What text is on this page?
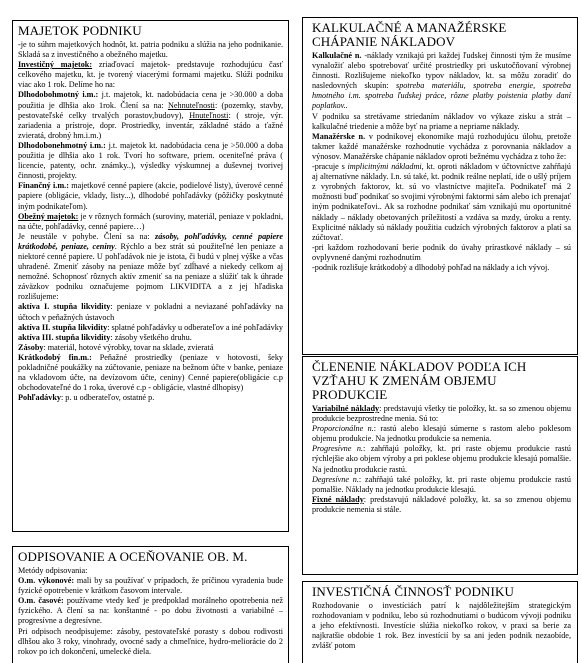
MAJETOK PODNIKU

-je to súhrn majetkových hodnôt, kt. patria podniku a slúžia na jeho podnikanie. Skladá sa z investičného a obežného majetku.

Investičný majetok: zriaďovací majetok- predstavuje rozhodujúcu časť celkového majetku, kt. je tvorený viacerými formami majetku. Slúži podniku viac ako 1 rok. Delíme ho na:

Dlhodobohmotný i.m.: j.t. majetok, kt. nadobúdacia cena je >30.000 a doba použitia je dlhšia ako 1rok. Člení sa na: Nehnuteľnosti: (pozemky, stavby, pestovateľské celky trvalých porastov,budovy), Hnuteľnosti: ( stroje, výr. zariadenia a prístroje, dopr. Prostriedky, inventár, základné stádo a ťažné zvieratá, drobný hm.i.m.)

Dlhodobonehmotný i.m.: j.t. majetok kt. nadobúdacia cena je >50.000 a doba použitia je dlhšia ako 1 rok. Tvorí ho software, priem. oceniteľné práva ( licencie, patenty, ochr. známky..), výsledky výskumnej a duševnej tvorivej činnosti, projekty.

Finančný i.m.: majetkové cenné papiere (akcie, podielové listy), úverové cenné papiere (obligácie, vklady, listy...), dlhodobé pohľadávky (pôžičky poskytnuté iným podnikateľom).

Obežný majetok: je v rôznych formách (suroviny, materiál, peniaze v pokladni, na účte, pohľadávky, cenné papiere…)

Je neustále v pohybe. Člení sa na: zásoby, pohľadávky, cenné papiere krátkodobé, peniaze, ceniny. Rýchlo a bez strát sú použiteľné len peniaze a niektoré cenné papiere. U pohľadávok nie je istota, či budú v plnej výške a včas uhradené. Zmeniť zásoby na peniaze môže byť zdĺhavé a niekedy celkom aj nemožné. Schopnosť rôznych aktív zmeniť sa na peniaze a slúžiť tak k úhrade záväzkov podniku označujeme pojmom LIKVIDITA a z jej hľadiska rozlišujeme:

aktíva I. stupňa likvidity: peniaze v pokladni a neviazané pohľadávky na účtoch v peňažných ústavoch

aktíva II. stupňa likvidity: splatné pohľadávky u odberateľov a iné pohľadávky

aktíva III. stupňa likvidity: zásoby všetkého druhu.

Zásoby: materiál, hotové výrobky, tovar na sklade, zvieratá

Krátkodobý fin.m.: Peňažné prostriedky (peniaze v hotovosti, šeky pokladničné poukážky na zúčtovanie, peniaze na bežnom účte v banke, peniaze na vkladovom účte, na devízovom účte, ceniny) Cenné papiere(obligácie c.p obchodovateľné do 1 roka, úverové c.p - obligácie, vlastné dlhopisy)

Pohľadávky: p. u odberateľov, ostatné p.

ODPISOVANIE A OCEŇOVANIE OB. M.

Metódy odpisovania:

O.m. výkonové: mali by sa používať v prípadoch, že príčinou vyradenia bude fyzické opotrebenie v krátkom časovom intervale.

O.m. časové: používame vtedy keď je predpoklad morálneho opotrebenia než fyzického. A člení sa na: konštantné - po dobu životnosti a variabilné – progresívne a degresívne.

Pri odpisoch neodpisujeme: zásoby, pestovateľské porasty s dobou rodivosti dlhšou ako 3 roky, vinohrady, ovocné sady a chmeľnice, hydro-meliorácie do 2 rokov po ich dokončení, umelecké diela.

KALKULAČNÉ A MANAŽÉRSKE CHÁPANIE NÁKLADOV

Kalkulačné n. -náklady vznikajú pri každej ľudskej činnosti tým že musíme vynaložiť alebo spotrebovať určité prostriedky pri uskutočňovaní výrobnej činnosti. Rozlišujeme niekoľko typov nákladov, kt. sa môžu zoradiť do nasledovných skupín: spotreba materiálu, spotreba energie, spotreba hmotného i.m. spotreba ľudskej práce, rôzne platby poistenia platby daní poplatkov..

V podniku sa stretávame striedaním nákladov vo výkaze zisku a strát – kalkulačné triedenie a môže byť na priame a nepriame náklady.

Manažérske n. v podnikovej ekonomike majú rozhodujúcu úlohu, pretože takmer každé manažérske rozhodnutie vychádza z porovnania nákladov a výnosov. Manažérske chápanie nákladov oproti bežnému vychádza z toho že:

-pracuje s implicitnými nákladmi, kt. oproti nákladom v účtovníctve zahŕňajú aj alternatívne náklady. I.n. sú také, kt. podnik reálne neplatí, ide o ušlý príjem z vyrobných faktorov, kt. sú vo vlastníctve majiteľa. Podnikateľ má 2 možnosti buď podnikať so svojimi výrobnými faktormi sám alebo ich prenajať iným podnikateľovi.. Ak sa rozhodne podnikať sám vznikajú mu oportunitné náklady – náklady obetovaných príležitostí a vzdáva sa mzdy, úroku a renty. Explicitné náklady sú náklady použitia cudzích výrobných faktorov a platí sa zúčtovať.

-pri každom rozhodovaní berie podnik do úvahy prírastkové náklady – sú ovplyvnené danými rozhodnutím

-podnik rozlišuje krátkodobý a dlhodobý pohľad na náklady a ich vývoj.

ČLENENIE NÁKLADOV PODĽA ICH VZŤAHU K ZMENÁM OBJEMU PRODUKCIE

Variabilné náklady: predstavujú všetky tie položky, kt. sa so zmenou objemu produkcie bezprostredne menia. Sú to:

Proporcionálne n.: rastú alebo klesajú súmerne s rastom alebo poklesom objemu produkcie. Na jednotku produkcie sa nemenia.

Progresívne n.: zahŕňajú položky, kt. pri raste objemu produkcie rastú rýchlejšie ako objem výroby a pri poklese objemu produkcie klesajú pomalšie. Na jednotku produkcie rastú.

Degresívne n.: zahŕňajú také položky, kt. pri raste objemu produkcie rastú pomalšie. Náklady na jednotku produkcie klesajú.

Fixné náklady: predstavujú nákladové položky, kt. sa so zmenou objemu produkcie nemenia si stále.

INVESTIČNÁ ČINNOSŤ PODNIKU

Rozhodovanie o investíciách patrí k najdôležitejším strategickým rozhodovaniam v podniku, lebo sú rozhodnutiami o budúcom vývoji podniku a jeho efektívnosti. Investície slúžia niekoľko rokov, v praxi sa berie za najkratšie obdobie 1 rok. Bez investícií by sa ani jeden podnik nezaobíde, zvlášť potom
